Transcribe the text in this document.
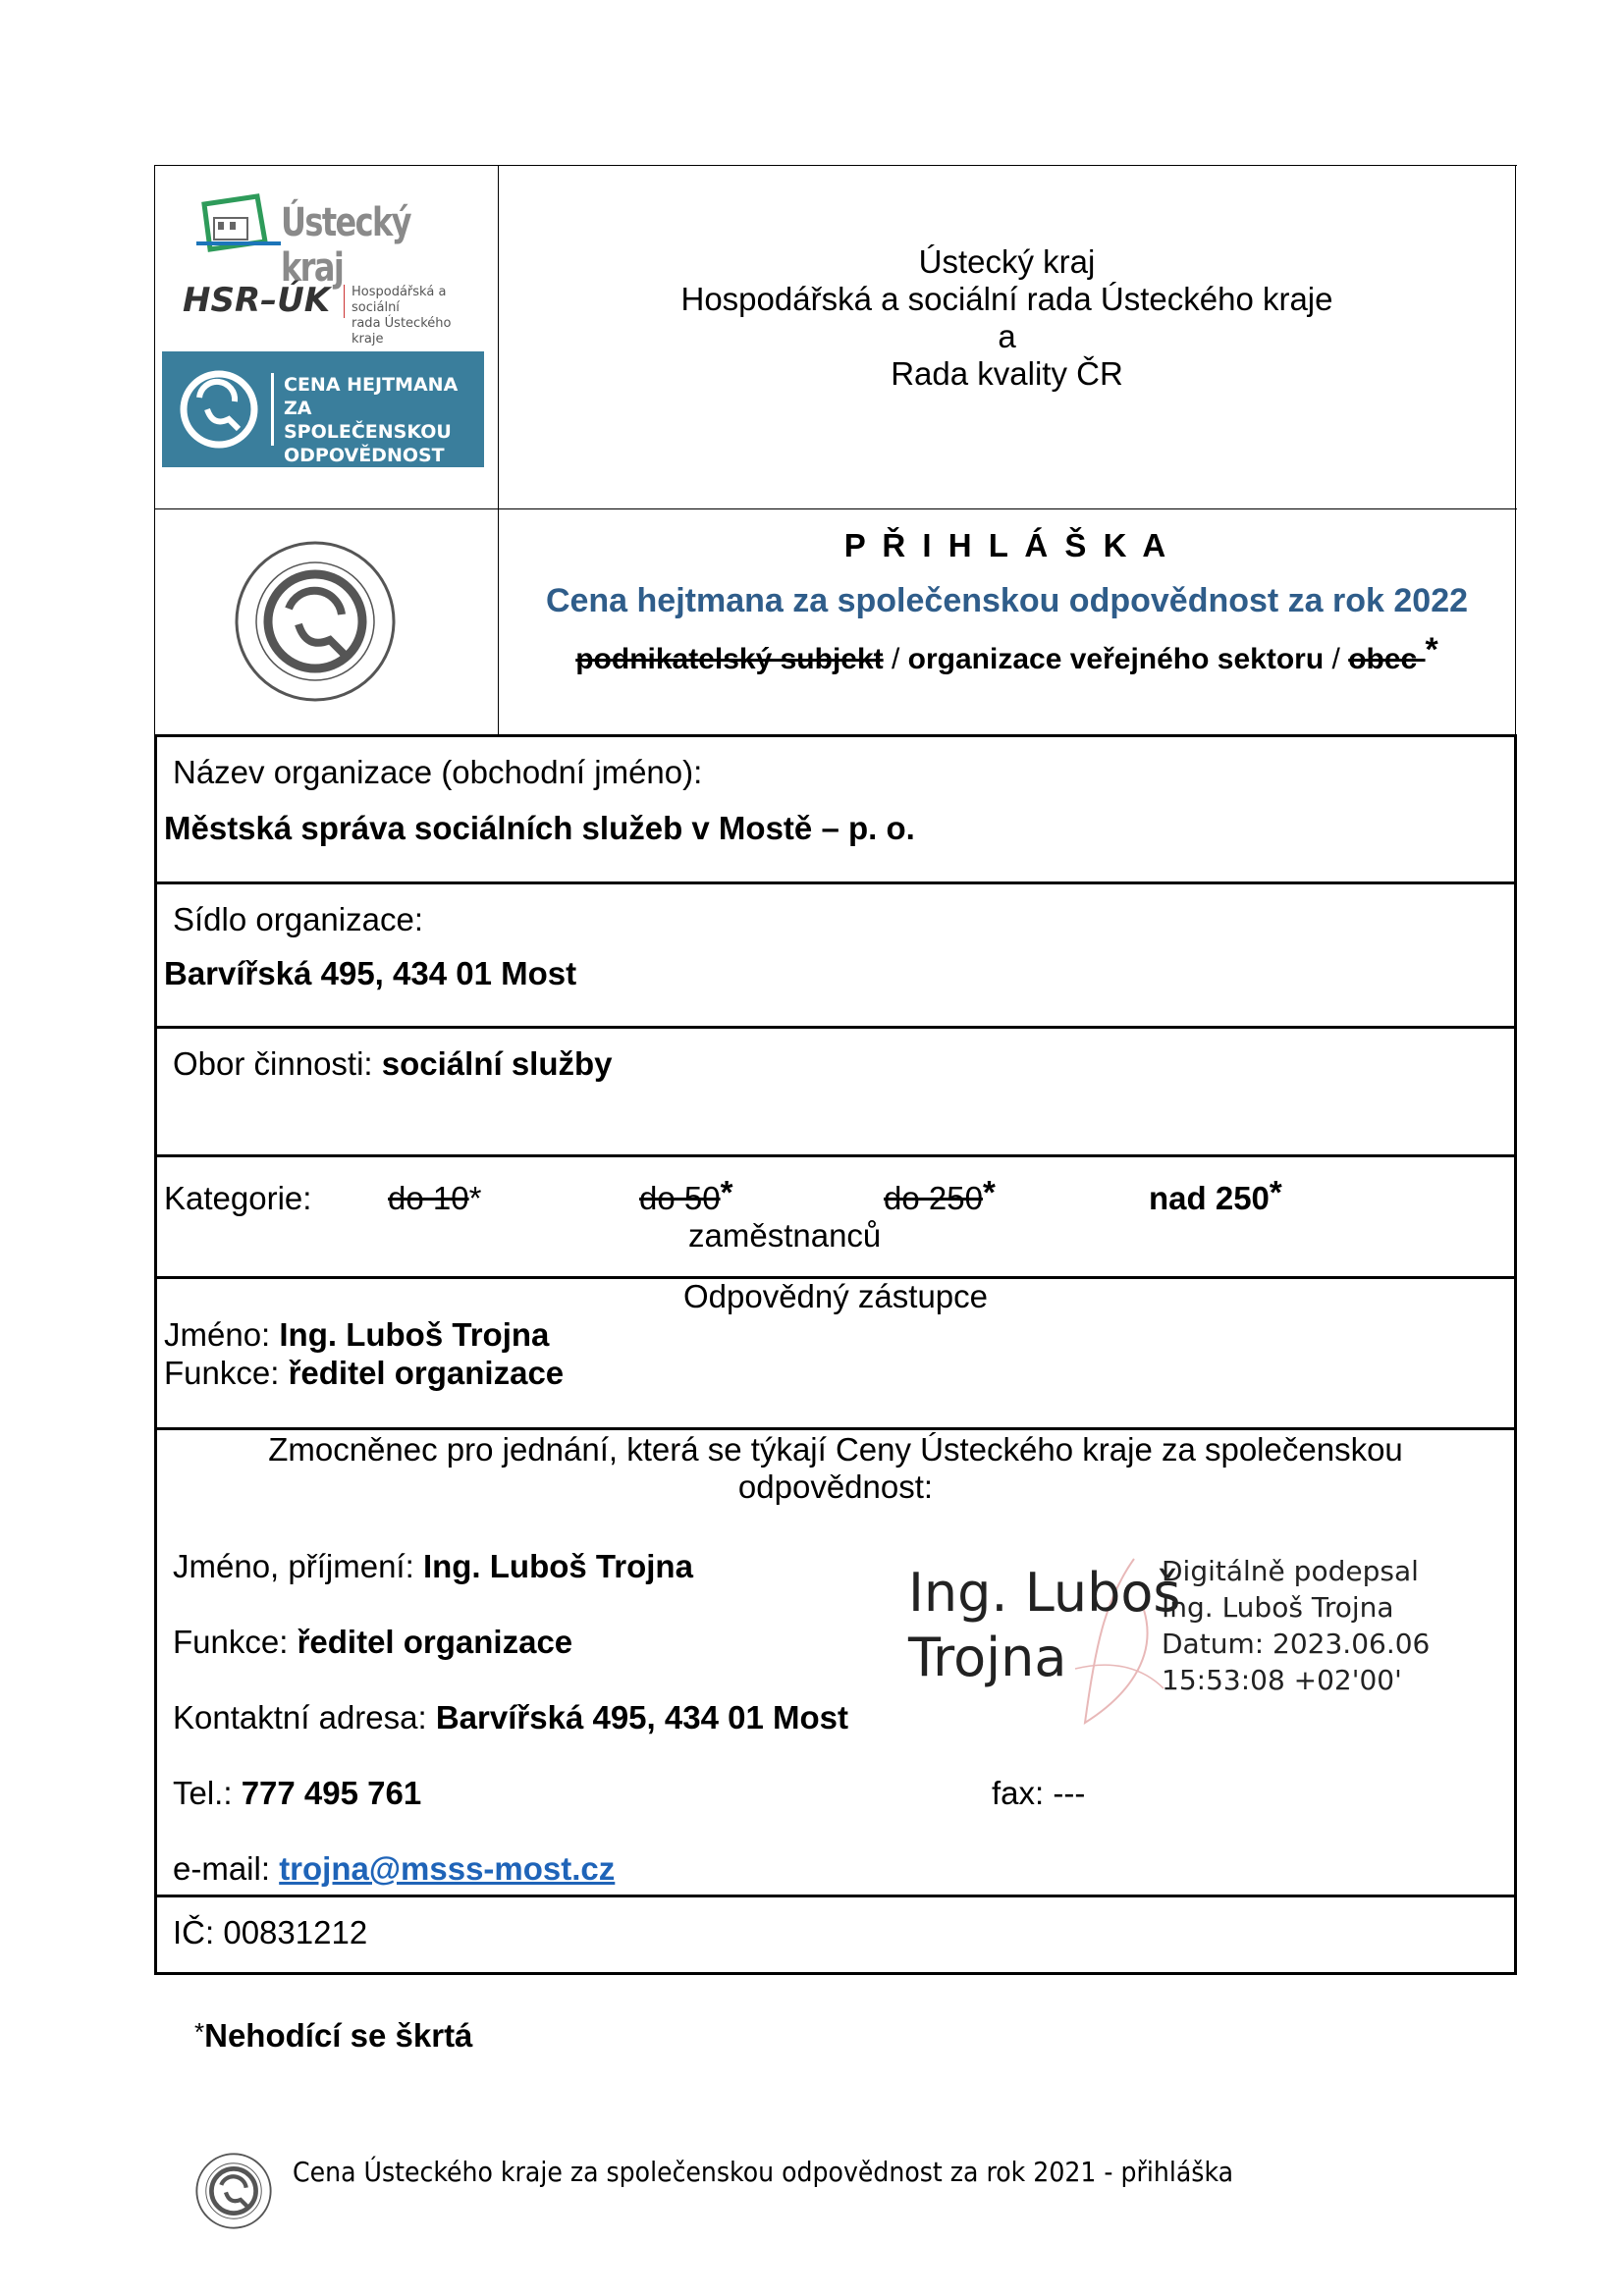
Ústecký kraj
HSR–ÚK Hospodářská a sociální
rada Ústeckého kraje
CENA HEJTMANA
ZA SPOLEČENSKOU
ODPOVĚDNOST
Ústecký kraj
Hospodářská a sociální rada Ústeckého kraje
a
Rada kvality ČR
P Ř I H L Á Š K A
Cena hejtmana za společenskou odpovědnost za rok 2022
podnikatelský subjekt / organizace veřejného sektoru / obec *
Název organizace (obchodní jméno):
Městská správa sociálních služeb v Mostě – p. o.
Sídlo organizace:
Barvířská 495, 434 01 Most
Obor činnosti: sociální služby
Kategorie: do 10*	do 50*	do 250*	nad 250*
zaměstnanců
Odpovědný zástupce
Jméno: Ing. Luboš Trojna
Funkce: ředitel organizace
Zmocněnec pro jednání, která se týkají Ceny Ústeckého kraje za společenskou
odpovědnost:
Jméno, příjmení: Ing. Luboš Trojna
Funkce: ředitel organizace
Kontaktní adresa: Barvířská 495, 434 01 Most
Tel.: 777 495 761	fax: ---
e-mail: trojna@msss-most.cz
Ing. Luboš
Trojna
Digitálně podepsal
Ing. Luboš Trojna
Datum: 2023.06.06
15:53:08 +02'00'
IČ: 00831212
*Nehodící se škrtá
Cena Ústeckého kraje za společenskou odpovědnost za rok 2021 - přihláška
